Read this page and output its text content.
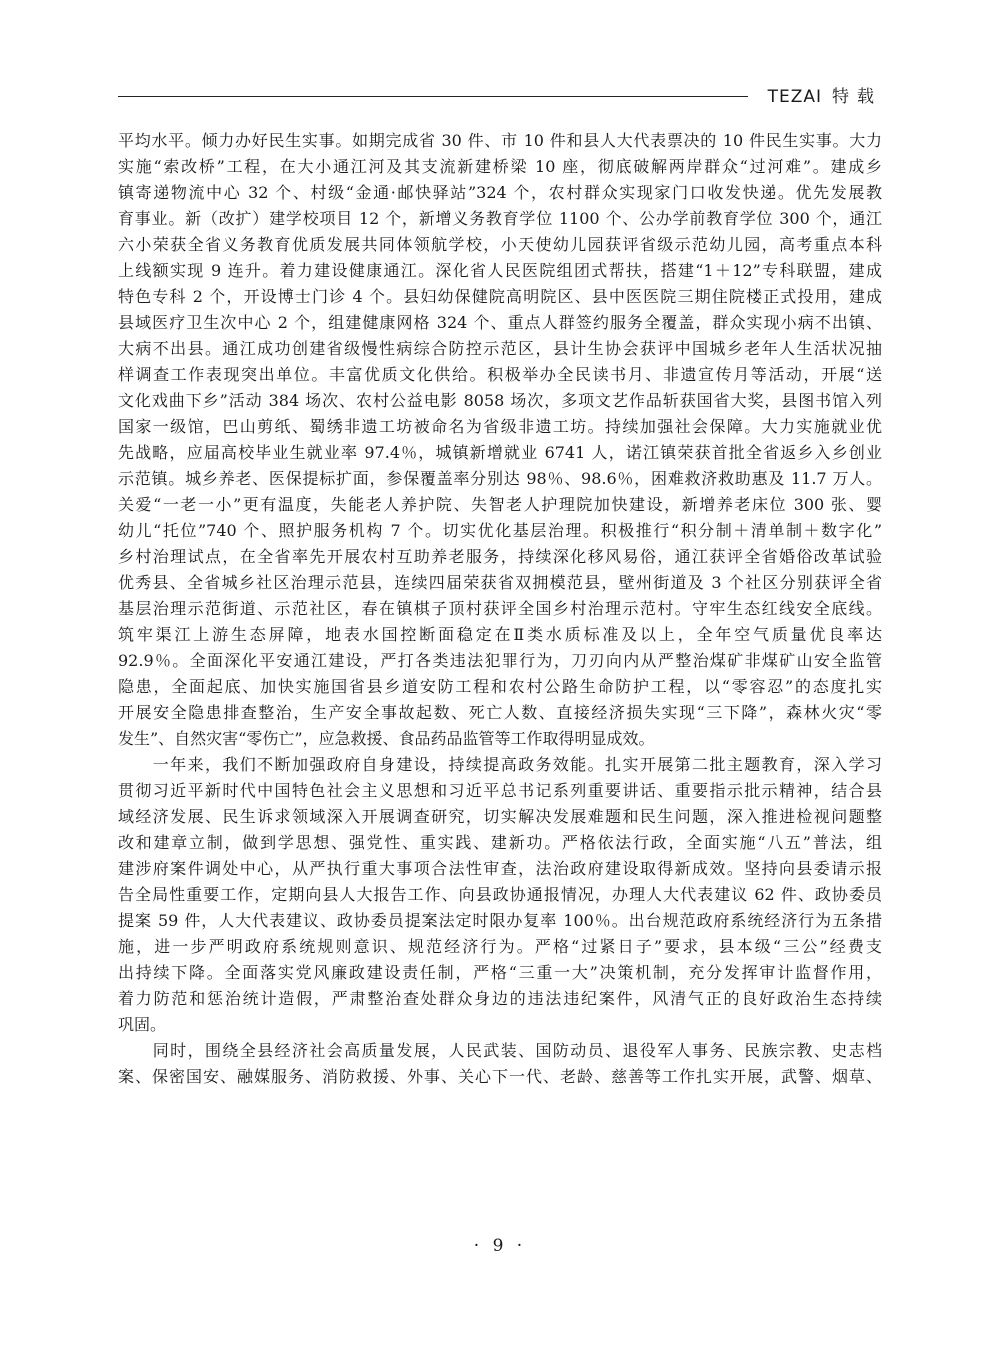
TEZAI 特载
平均水平。倾力办好民生实事。如期完成省 30 件、市 10 件和县人大代表票决的 10 件民生实事。大力
实施“索改桥”工程，在大小通江河及其支流新建桥梁 10 座，彻底破解两岸群众“过河难”。建成乡
镇寄递物流中心 32 个、村级“金通·邮快驿站”324 个，农村群众实现家门口收发快递。优先发展教
育事业。新（改扩）建学校项目 12 个，新增义务教育学位 1100 个、公办学前教育学位 300 个，通江
六小荣获全省义务教育优质发展共同体领航学校，小天使幼儿园获评省级示范幼儿园，高考重点本科
上线额实现 9 连升。着力建设健康通江。深化省人民医院组团式帮扶，搭建“1＋12”专科联盟，建成
特色专科 2 个，开设博士门诊 4 个。县妇幼保健院高明院区、县中医医院三期住院楼正式投用，建成
县域医疗卫生次中心 2 个，组建健康网格 324 个、重点人群签约服务全覆盖，群众实现小病不出镇、
大病不出县。通江成功创建省级慢性病综合防控示范区，县计生协会获评中国城乡老年人生活状况抽
样调查工作表现突出单位。丰富优质文化供给。积极举办全民读书月、非遗宣传月等活动，开展“送
文化戏曲下乡”活动 384 场次、农村公益电影 8058 场次，多项文艺作品斩获国省大奖，县图书馆入列
国家一级馆，巴山剪纸、蜀绣非遗工坊被命名为省级非遗工坊。持续加强社会保障。大力实施就业优
先战略，应届高校毕业生就业率 97.4％，城镇新增就业 6741 人，诺江镇荣获首批全省返乡入乡创业
示范镇。城乡养老、医保提标扩面，参保覆盖率分别达 98％、98.6％，困难救济救助惠及 11.7 万人。
关爱“一老一小”更有温度，失能老人养护院、失智老人护理院加快建设，新增养老床位 300 张、婴
幼儿“托位”740 个、照护服务机构 7 个。切实优化基层治理。积极推行“积分制＋清单制＋数字化”
乡村治理试点，在全省率先开展农村互助养老服务，持续深化移风易俗，通江获评全省婚俗改革试验
优秀县、全省城乡社区治理示范县，连续四届荣获省双拥模范县，壁州街道及 3 个社区分别获评全省
基层治理示范街道、示范社区，春在镇棋子顶村获评全国乡村治理示范村。守牢生态红线安全底线。
筑牢渠江上游生态屏障，地表水国控断面稳定在Ⅱ类水质标准及以上，全年空气质量优良率达
92.9％。全面深化平安通江建设，严打各类违法犯罪行为，刀刃向内从严整治煤矿非煤矿山安全监管
隐患，全面起底、加快实施国省县乡道安防工程和农村公路生命防护工程，以“零容忍”的态度扎实
开展安全隐患排查整治，生产安全事故起数、死亡人数、直接经济损失实现“三下降”，森林火灾“零
发生”、自然灾害“零伤亡”，应急救援、食品药品监管等工作取得明显成效。
　　一年来，我们不断加强政府自身建设，持续提高政务效能。扎实开展第二批主题教育，深入学习
贯彻习近平新时代中国特色社会主义思想和习近平总书记系列重要讲话、重要指示批示精神，结合县
域经济发展、民生诉求领域深入开展调查研究，切实解决发展难题和民生问题，深入推进检视问题整
改和建章立制，做到学思想、强党性、重实践、建新功。严格依法行政，全面实施“八五”普法，组
建涉府案件调处中心，从严执行重大事项合法性审查，法治政府建设取得新成效。坚持向县委请示报
告全局性重要工作，定期向县人大报告工作、向县政协通报情况，办理人大代表建议 62 件、政协委员
提案 59 件，人大代表建议、政协委员提案法定时限办复率 100％。出台规范政府系统经济行为五条措
施，进一步严明政府系统规则意识、规范经济行为。严格“过紧日子”要求，县本级“三公”经费支
出持续下降。全面落实党风廉政建设责任制，严格“三重一大”决策机制，充分发挥审计监督作用，
着力防范和惩治统计造假，严肃整治查处群众身边的违法违纪案件，风清气正的良好政治生态持续
巩固。
　　同时，围绕全县经济社会高质量发展，人民武装、国防动员、退役军人事务、民族宗教、史志档
案、保密国安、融媒服务、消防救援、外事、关心下一代、老龄、慈善等工作扎实开展，武警、烟草、
· 9 ·
